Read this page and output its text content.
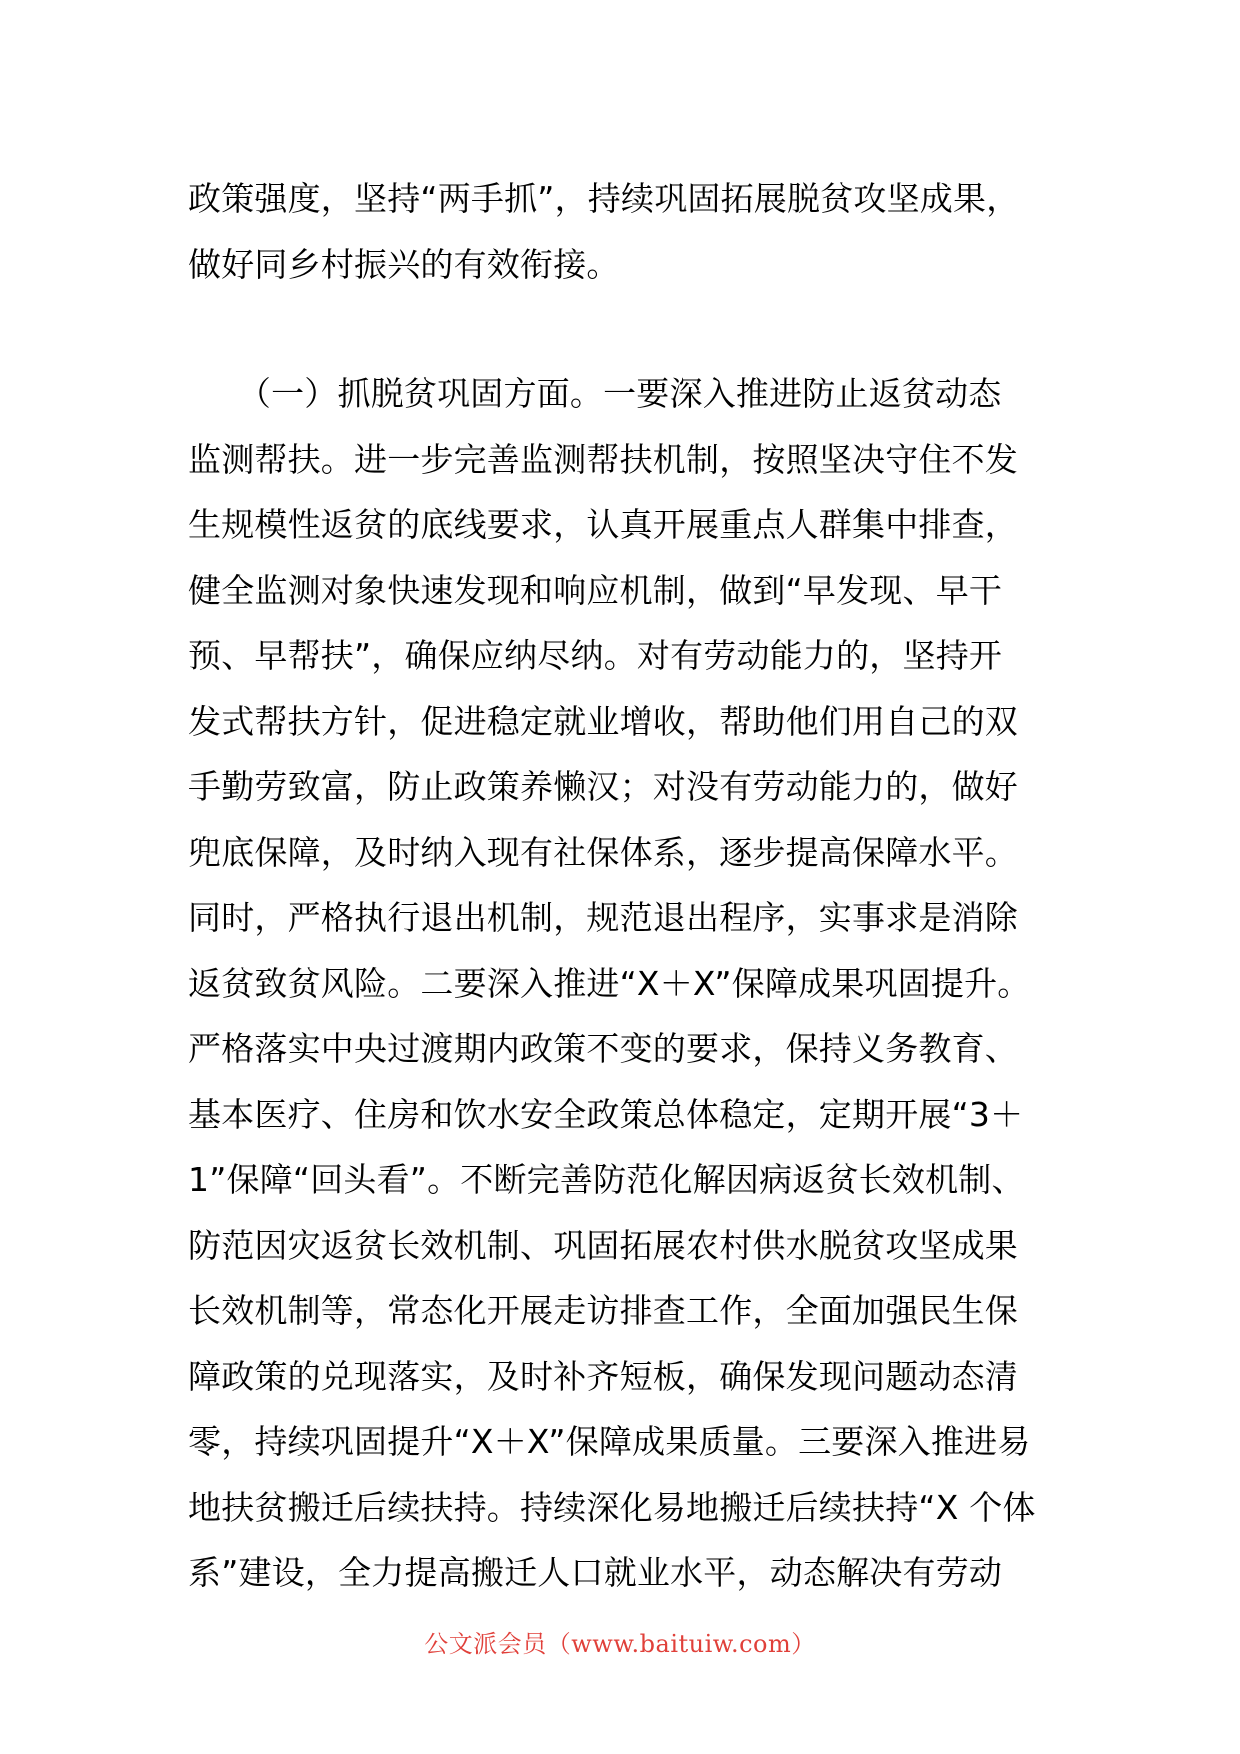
政策强度，坚持“两手抓”，持续巩固拓展脱贫攻坚成果，
做好同乡村振兴的有效衔接。
　　（一）抓脱贫巩固方面。一要深入推进防止返贫动态
监测帮扶。进一步完善监测帮扶机制，按照坚决守住不发
生规模性返贫的底线要求，认真开展重点人群集中排查，
健全监测对象快速发现和响应机制，做到“早发现、早干
预、早帮扶”，确保应纳尽纳。对有劳动能力的，坚持开
发式帮扶方针，促进稳定就业增收，帮助他们用自己的双
手勤劳致富，防止政策养懒汉；对没有劳动能力的，做好
兜底保障，及时纳入现有社保体系，逐步提高保障水平。
同时，严格执行退出机制，规范退出程序，实事求是消除
返贫致贫风险。二要深入推进“X＋X”保障成果巩固提升。
严格落实中央过渡期内政策不变的要求，保持义务教育、
基本医疗、住房和饮水安全政策总体稳定，定期开展“3＋
1”保障“回头看”。不断完善防范化解因病返贫长效机制、
防范因灾返贫长效机制、巩固拓展农村供水脱贫攻坚成果
长效机制等，常态化开展走访排查工作，全面加强民生保
障政策的兑现落实，及时补齐短板，确保发现问题动态清
零，持续巩固提升“X＋X”保障成果质量。三要深入推进易
地扶贫搬迁后续扶持。持续深化易地搬迁后续扶持“X 个体
系”建设，全力提高搬迁人口就业水平，动态解决有劳动
公文派会员（www.baituiw.com）
